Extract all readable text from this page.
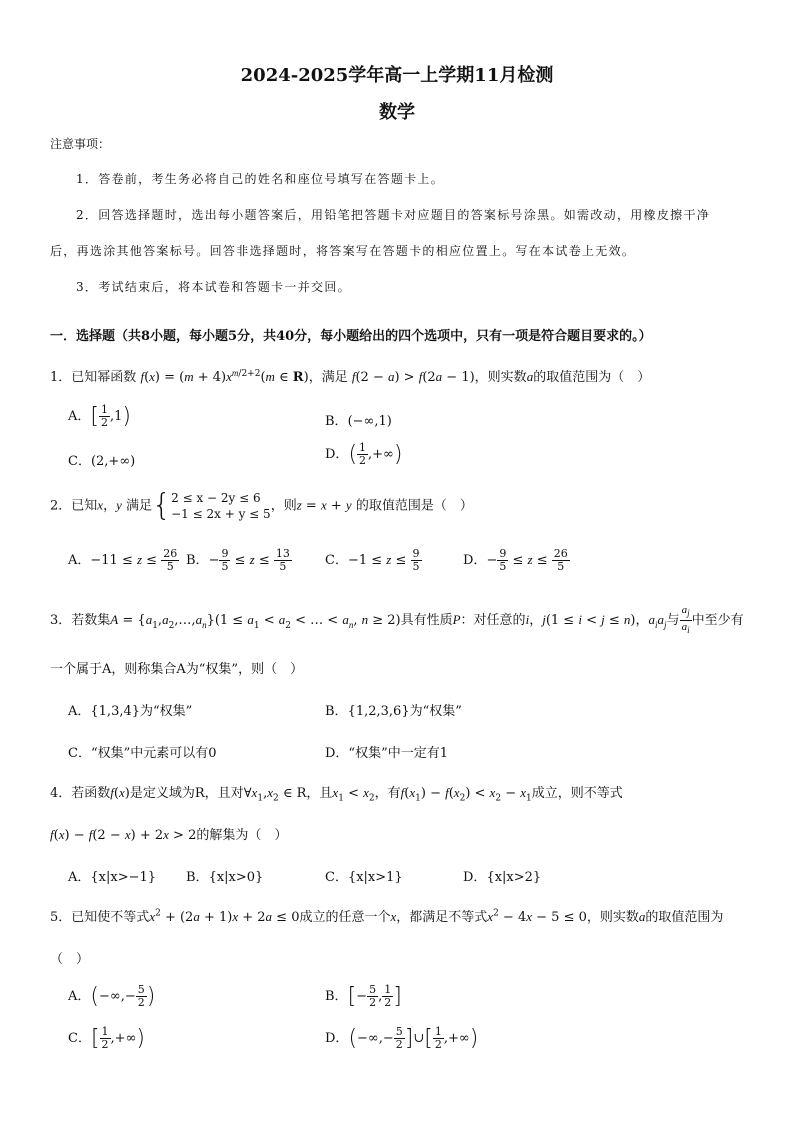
2024-2025学年高一上学期11月检测
数学
注意事项：
1．答卷前，考生务必将自己的姓名和座位号填写在答题卡上。
2．回答选择题时，选出每小题答案后，用铅笔把答题卡对应题目的答案标号涂黑。如需改动，用橡皮擦干净
后，再选涂其他答案标号。回答非选择题时，将答案写在答题卡的相应位置上。写在本试卷上无效。
3．考试结束后，将本试卷和答题卡一并交回。
一．选择题（共8小题，每小题5分，共40分，每小题给出的四个选项中，只有一项是符合题目要求的。）
1．已知幂函数 $f(x) = (m + 4)x^{m/2+2}(m$ ∈ R)，满足 f(2 − a) > f(2a − 1)，则实数a的取值范围为（　）
A．[ $\frac{1}{2} ,1$)	B．(−∞,1)
C．(2,+∞)	D．( $\frac{1}{2}$ ,+∞)
2．已知x，y 满足{ 2 ≤ x − 2y ≤ 6
−1 ≤ 2x + y ≤ 5
，则z = x + y 的取值范围是（　）
A．$-11 \le z \le \frac{26}{5}$ B．− $\frac{9}{5} \le z \le \frac{13}{5}$	C．$-1 \le z \le \frac{9}{5}$	D．− $\frac{9}{5} \le z \le \frac{26}{5}$
3．若数集$A = \{a_1,a_2,\dots,a_n\}(1 \le a_1 < a_2$ < … < $a_n$, n ≥ 2)具有性质P：对任意的i，j(1 ≤ i < j ≤ n)，$a_ia_j$与 $\frac{a_j}{a_i}$ 中至少有
一个属于A，则称集合A为“权集”，则（　）
A．{1,3,4}为“权集”	B．{1,2,3,6}为“权集”
C．“权集”中元素可以有0	D．“权集”中一定有1
4．若函数f(x)是定义域为R，且对$\forall x_1,x_2$ ∈ R，且$x_1 < x_2$，有$f(x_1) - f(x_2) < x_2 - x_1$成立，则不等式
f(x) − f(2 − x) + 2x > 2的解集为（　）
A．{x|x>−1} B．{x|x>0}	C．{x|x>1}	D．{x|x>2}
5．已知使不等式$x^2 + (2a + 1)x + 2a \le 0$成立的任意一个x，都满足不等式$x^2 - 4x - 5 \le 0$，则实数a的取值范围为
（　）
A．(−∞,− $\frac{5}{2}$ )	B．[− $\frac{5}{2}$ , $\frac{1}{2}$ ]
C．[ $\frac{1}{2}$ ,+∞)	D．(−∞,− $\frac{5}{2}$ ]∪[ $\frac{1}{2}$ ,+∞)
